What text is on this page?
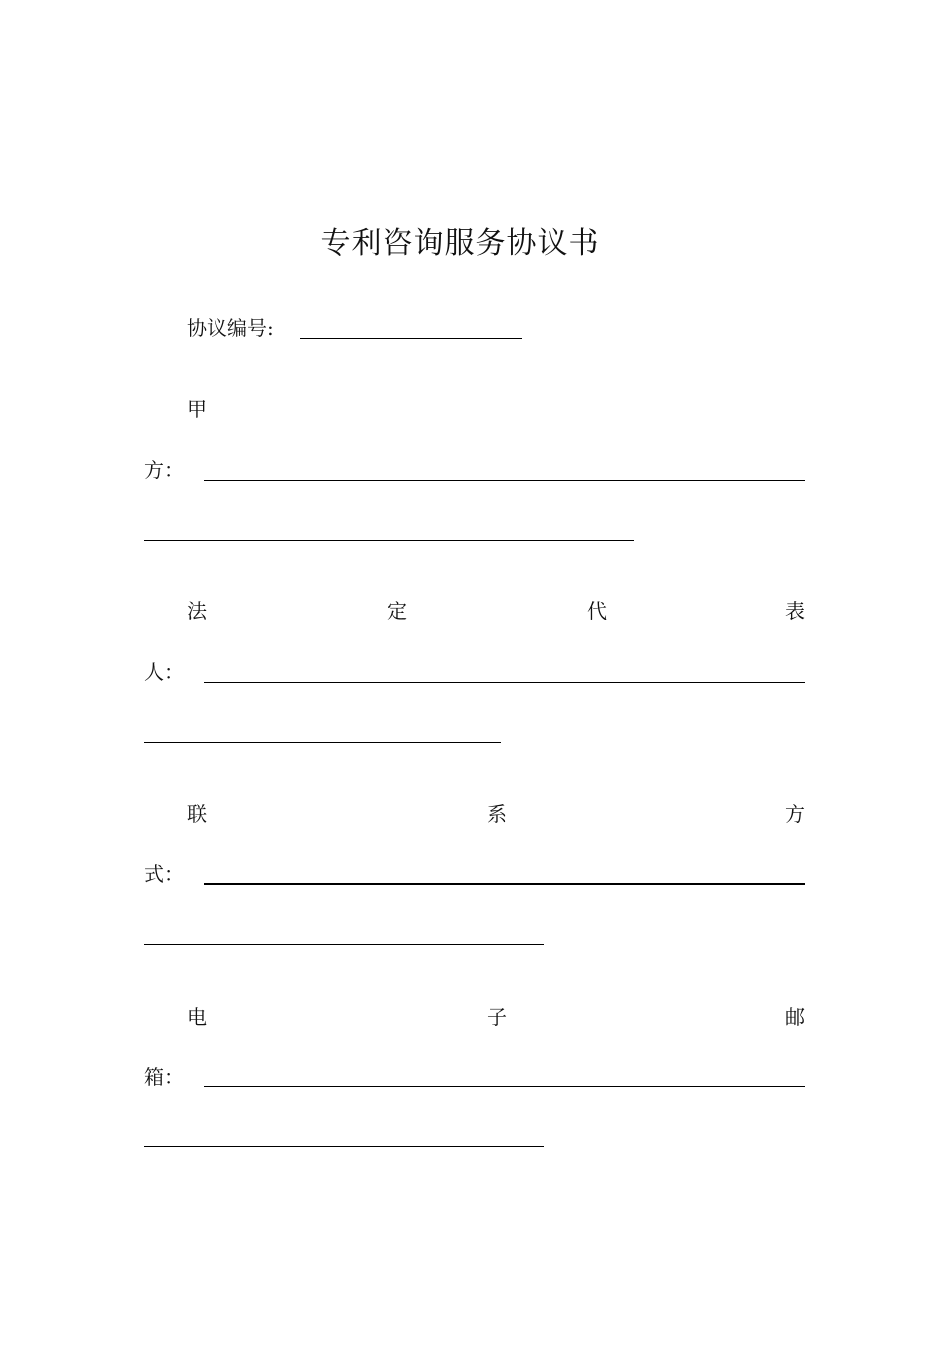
专利咨询服务协议书
协议编号:
甲
方：
法	定	代	表
人：
联	系	方
式：
电	子	邮
箱：
